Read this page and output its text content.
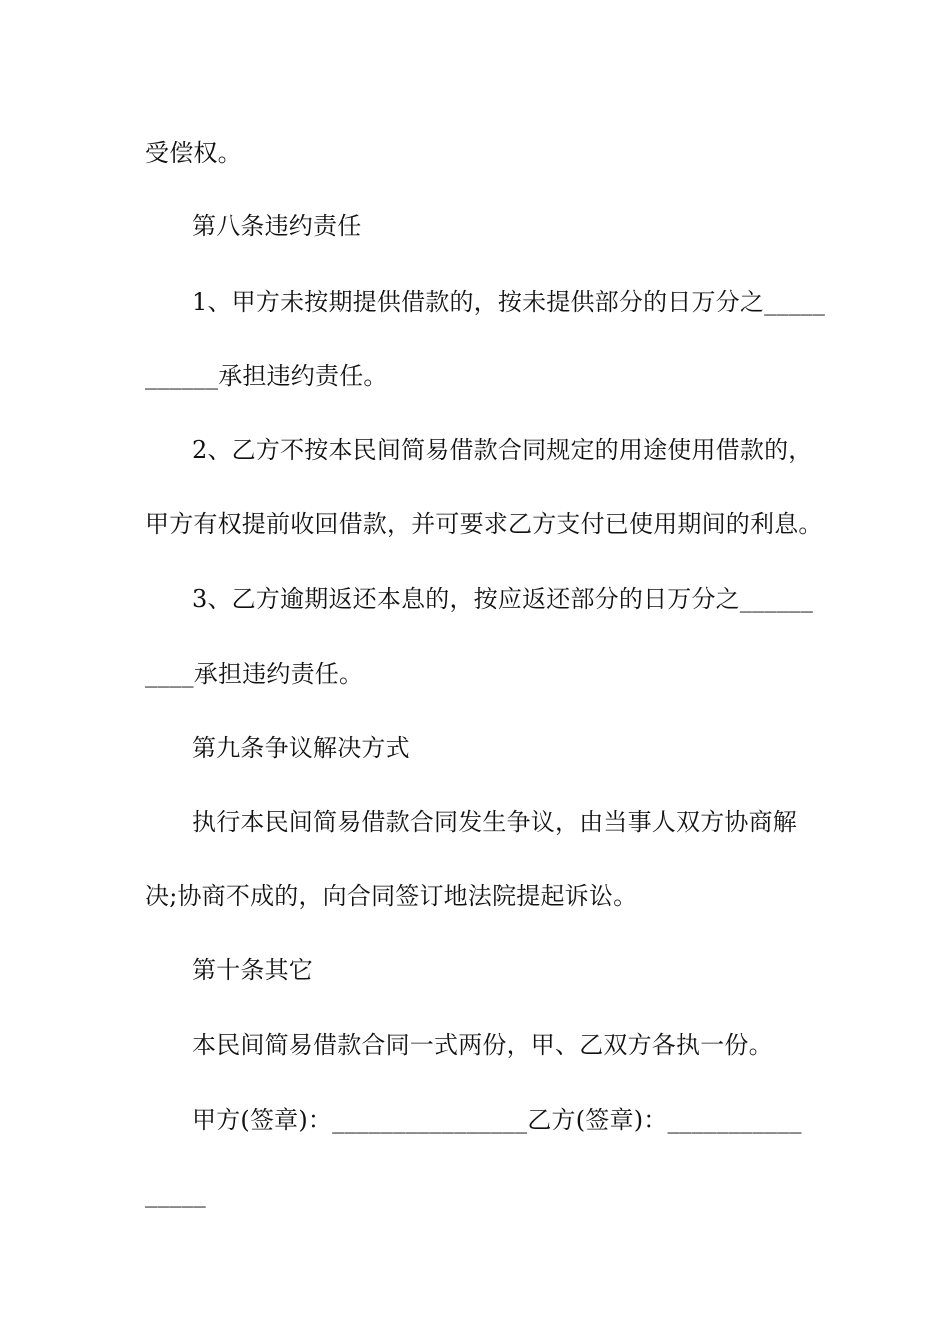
受偿权。
第八条违约责任
1、甲方未按期提供借款的，按未提供部分的日万分之_____
______承担违约责任。
2、乙方不按本民间简易借款合同规定的用途使用借款的，
甲方有权提前收回借款，并可要求乙方支付已使用期间的利息。
3、乙方逾期返还本息的，按应返还部分的日万分之______
____承担违约责任。
第九条争议解决方式
执行本民间简易借款合同发生争议，由当事人双方协商解
决;协商不成的，向合同签订地法院提起诉讼。
第十条其它
本民间简易借款合同一式两份，甲、乙双方各执一份。
甲方(签章)：________________乙方(签章)：___________
_____
